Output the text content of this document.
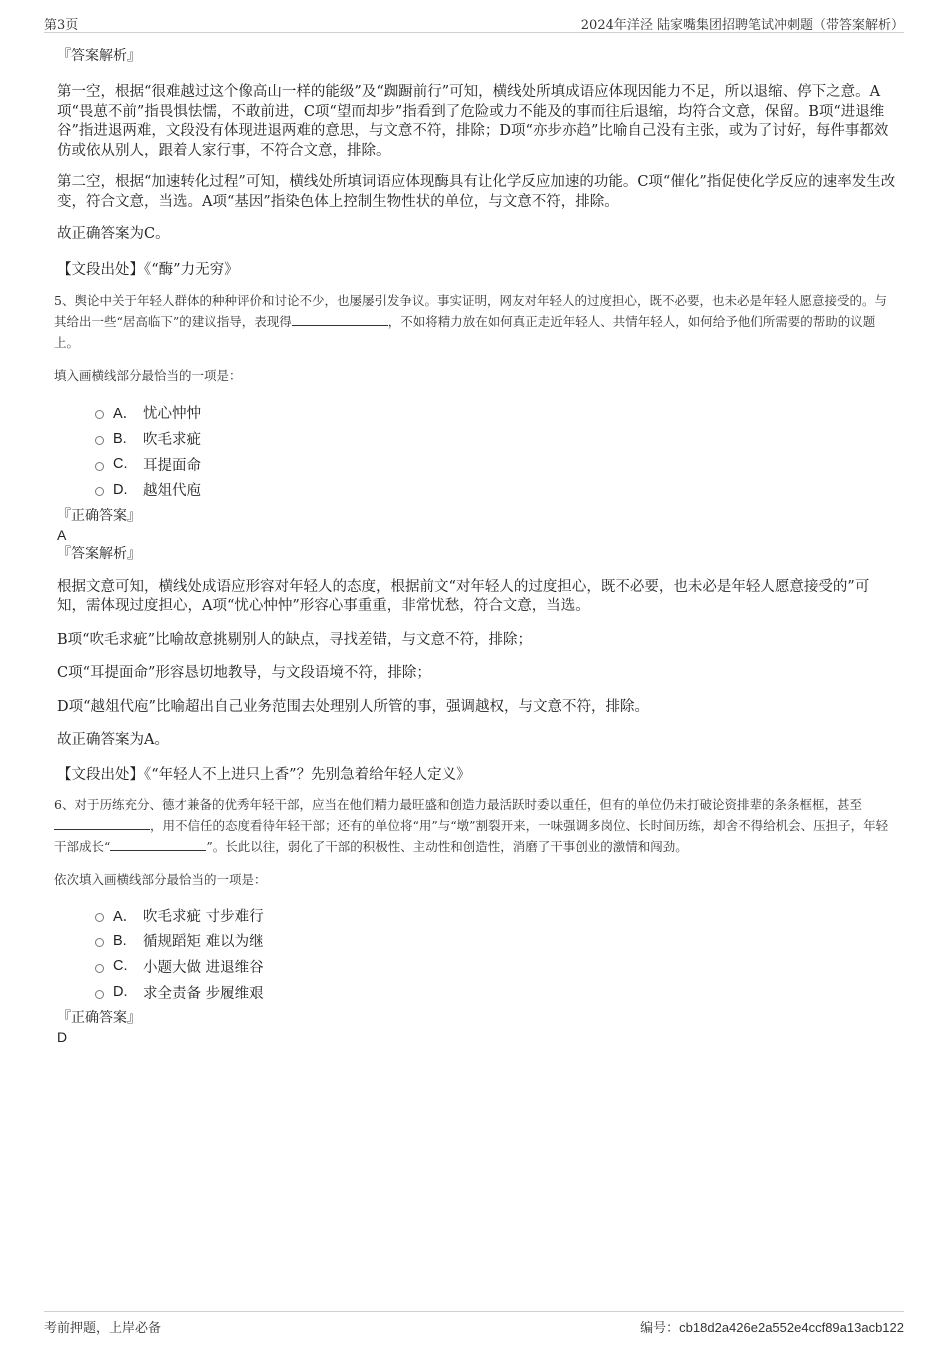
第3页	2024年洋泾 陆家嘴集团招聘笔试冲刺题（带答案解析）
『答案解析』

第一空，根据“很难越过这个像高山一样的能级”及“踟蹰前行”可知，横线处所填成语应体现因能力不足，所以退缩、停下之意。A项“畏葸不前”指畏惧怯懦，不敢前进，C项“望而却步”指看到了危险或力不能及的事而往后退缩，均符合文意，保留。B项“进退维谷”指进退两难，文段没有体现进退两难的意思，与文意不符，排除；D项“亦步亦趋”比喻自己没有主张，或为了讨好，每件事都效仿或依从别人，跟着人家行事，不符合文意，排除。

第二空，根据“加速转化过程”可知，横线处所填词语应体现酶具有让化学反应加速的功能。C项“催化”指促使化学反应的速率发生改变，符合文意，当选。A项“基因”指染色体上控制生物性状的单位，与文意不符，排除。

故正确答案为C。

【文段出处】《“酶”力无穷》

5、舆论中关于年轻人群体的种种评价和讨论不少，也屡屡引发争议。事实证明，网友对年轻人的过度担心，既不必要，也未必是年轻人愿意接受的。与其给出一些“居高临下”的建议指导，表现得	，不如将精力放在如何真正走近年轻人、共情年轻人，如何给予他们所需要的帮助的议题上。

填入画横线部分最恰当的一项是：

A． 忧心忡忡
B.	吹毛求疵
C.	耳提面命
D.	越俎代庖
『正确答案』
A
『答案解析』

根据文意可知，横线处成语应形容对年轻人的态度，根据前文“对年轻人的过度担心，既不必要，也未必是年轻人愿意接受的”可知，需体现过度担心，A项“忧心忡忡”形容心事重重，非常忧愁，符合文意，当选。

B项“吹毛求疵”比喻故意挑剔别人的缺点，寻找差错，与文意不符，排除；

C项“耳提面命”形容恳切地教导，与文段语境不符，排除；

D项“越俎代庖”比喻超出自己业务范围去处理别人所管的事，强调越权，与文意不符，排除。

故正确答案为A。

【文段出处】《“年轻人不上进只上香”？先别急着给年轻人定义》

6、对于历练充分、德才兼备的优秀年轻干部，应当在他们精力最旺盛和创造力最活跃时委以重任，但有的单位仍未打破论资排辈的条条框框，甚至，用不信任的态度看待年轻干部；还有的单位将“用”与“墩”割裂开来，一味强调多岗位、长时间历练，却舍不得给机会、压担子，年轻干部成长“	”。长此以往，弱化了干部的积极性、主动性和创造性，消磨了干事创业的激情和闯劲。

依次填入画横线部分最恰当的一项是：

A． 吹毛求疵 寸步难行
B.	循规蹈矩 难以为继
C.	小题大做 进退维谷
D.	求全责备 步履维艰
『正确答案』
D
考前押题，上岸必备	编号：cb18d2a426e2a552e4ccf89a13acb122
